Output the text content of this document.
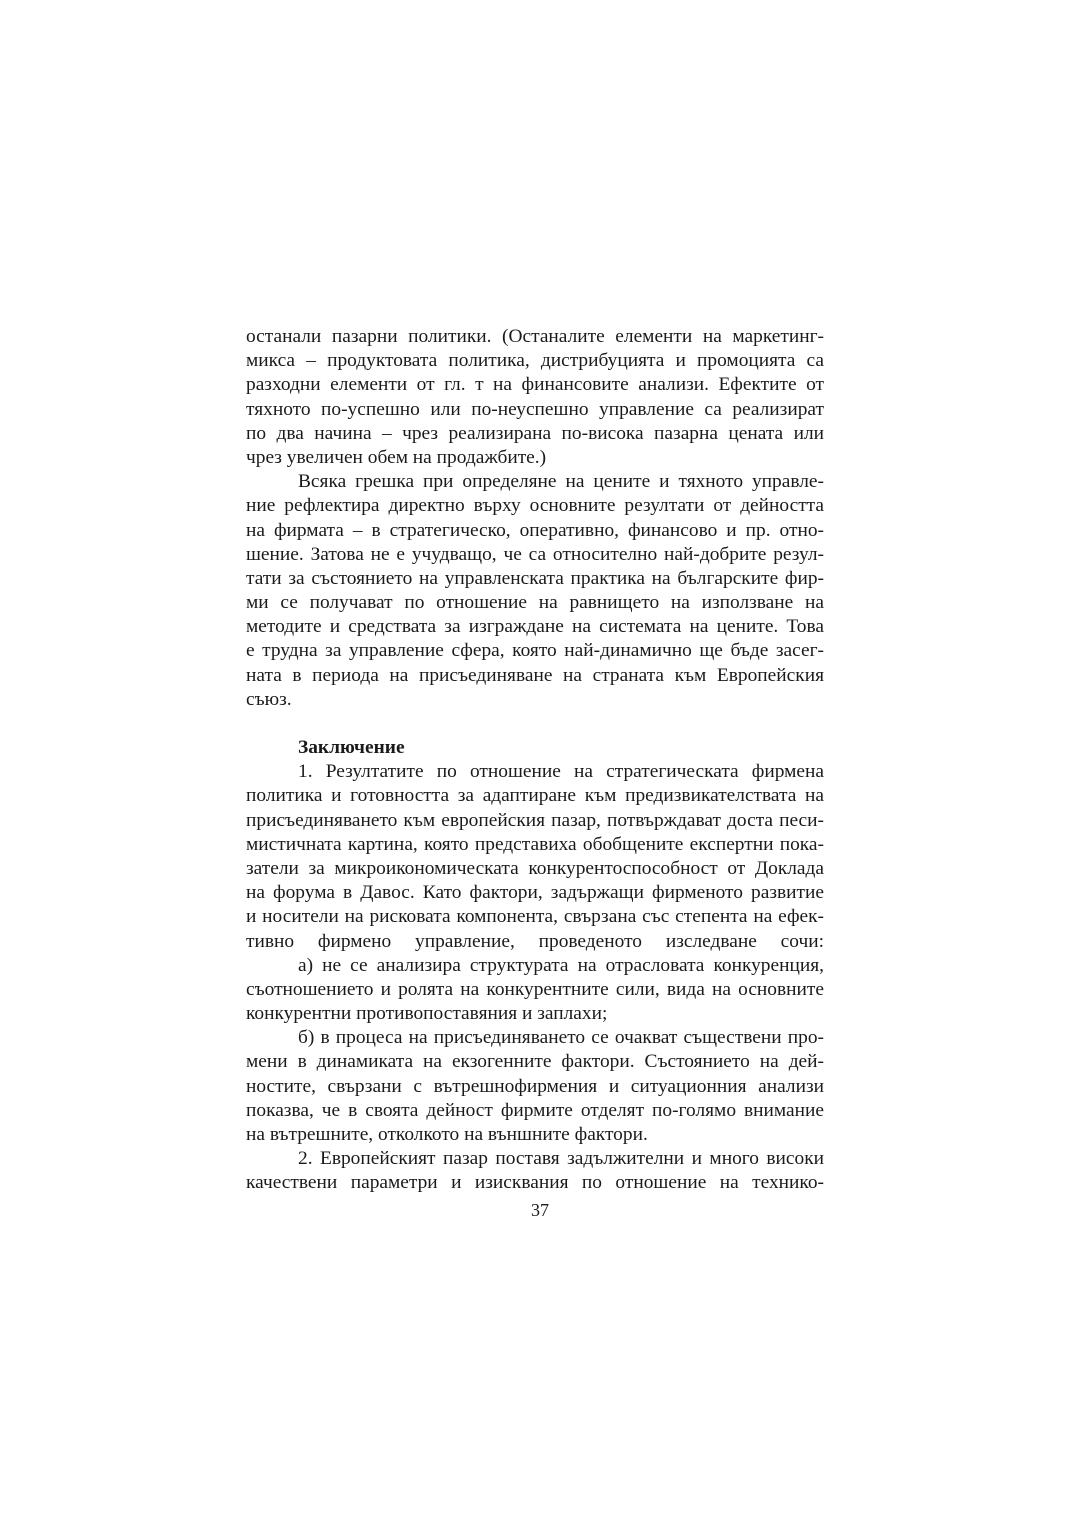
останали пазарни политики. (Останалите елементи на маркетинг-
микса – продуктовата политика, дистрибуцията и промоцията са
разходни елементи от гл. т на финансовите анализи. Ефектите от
тяхното по-успешно или по-неуспешно управление са реализират
по два начина – чрез реализирана по-висока пазарна цената или
чрез увеличен обем на продажбите.)
Всяка грешка при определяне на цените и тяхното управле-
ние рефлектира директно върху основните резултати от дейността
на фирмата – в стратегическо, оперативно, финансово и пр. отно-
шение. Затова не е учудващо, че са относително най-добрите резул-
тати за състоянието на управленската практика на българските фир-
ми се получават по отношение на равнището на използване на
методите и средствата за изграждане на системата на цените. Това
е трудна за управление сфера, която най-динамично ще бъде засег-
ната в периода на присъединяване на страната към Европейския
съюз.
Заключение
1. Резултатите по отношение на стратегическата фирмена
политика и готовността за адаптиране към предизвикателствата на
присъединяването към европейския пазар, потвърждават доста песи-
мистичната картина, която представиха обобщените експертни пока-
затели за микроикономическата конкурентоспособност от Доклада
на форума в Давос. Като фактори, задържащи фирменото развитие
и носители на рисковата компонента, свързана със степента на ефек-
тивно фирмено управление, проведеното изследване сочи:
а) не се анализира структурата на отрасловата конкуренция,
съотношението и ролята на конкурентните сили, вида на основните
конкурентни противопоставяния и заплахи;
б) в процеса на присъединяването се очакват съществени про-
мени в динамиката на екзогенните фактори. Състоянието на дей-
ностите, свързани с вътрешнофирмения и ситуационния анализи
показва, че в своята дейност фирмите отделят по-голямо внимание
на вътрешните, отколкото на външните фактори.
2. Европейският пазар поставя задължителни и много високи
качествени параметри и изисквания по отношение на технико-
37
